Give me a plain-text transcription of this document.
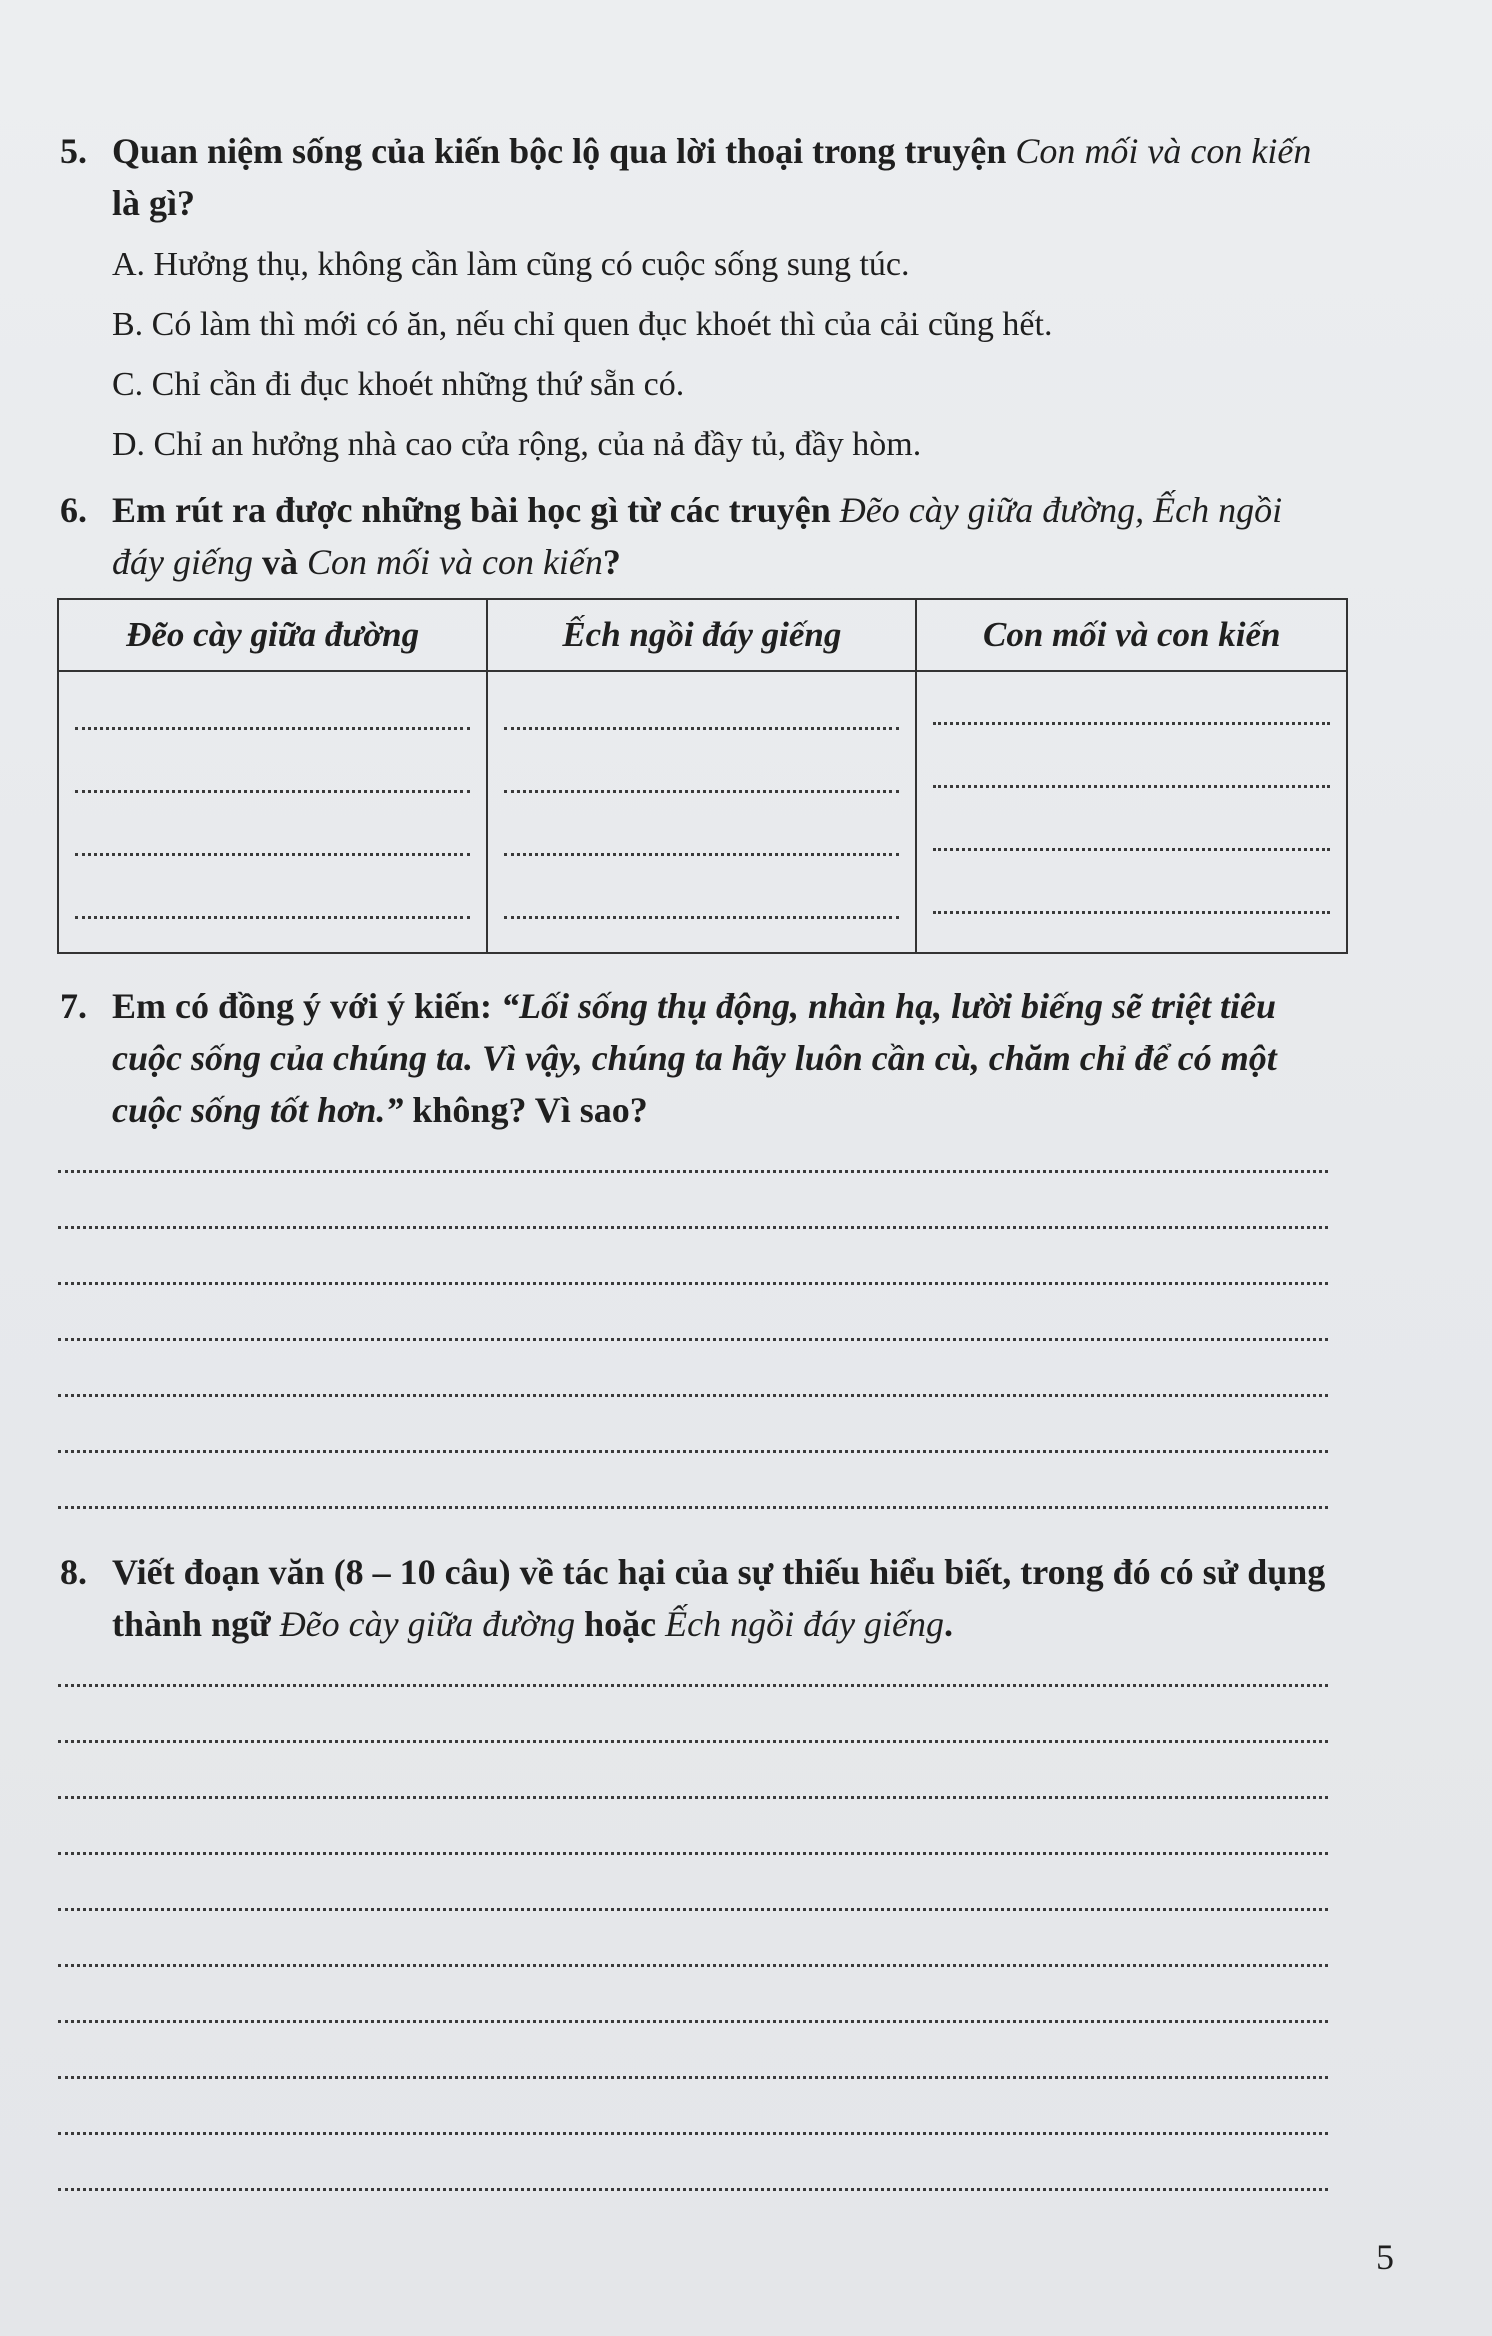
5. Quan niệm sống của kiến bộc lộ qua lời thoại trong truyện Con mối và con kiến là gì?
A. Hưởng thụ, không cần làm cũng có cuộc sống sung túc.
B. Có làm thì mới có ăn, nếu chỉ quen đục khoét thì của cải cũng hết.
C. Chỉ cần đi đục khoét những thứ sẵn có.
D. Chỉ an hưởng nhà cao cửa rộng, của nả đầy tủ, đầy hòm.
6. Em rút ra được những bài học gì từ các truyện Đẽo cày giữa đường, Ếch ngồi đáy giếng và Con mối và con kiến?
Đẽo cày giữa đường	Ếch ngồi đáy giếng	Con mối và con kiến

7. Em có đồng ý với ý kiến: “Lối sống thụ động, nhàn hạ, lười biếng sẽ triệt tiêu cuộc sống của chúng ta. Vì vậy, chúng ta hãy luôn cần cù, chăm chỉ để có một cuộc sống tốt hơn.” không? Vì sao?
8. Viết đoạn văn (8 – 10 câu) về tác hại của sự thiếu hiểu biết, trong đó có sử dụng thành ngữ Đẽo cày giữa đường hoặc Ếch ngồi đáy giếng.
5
